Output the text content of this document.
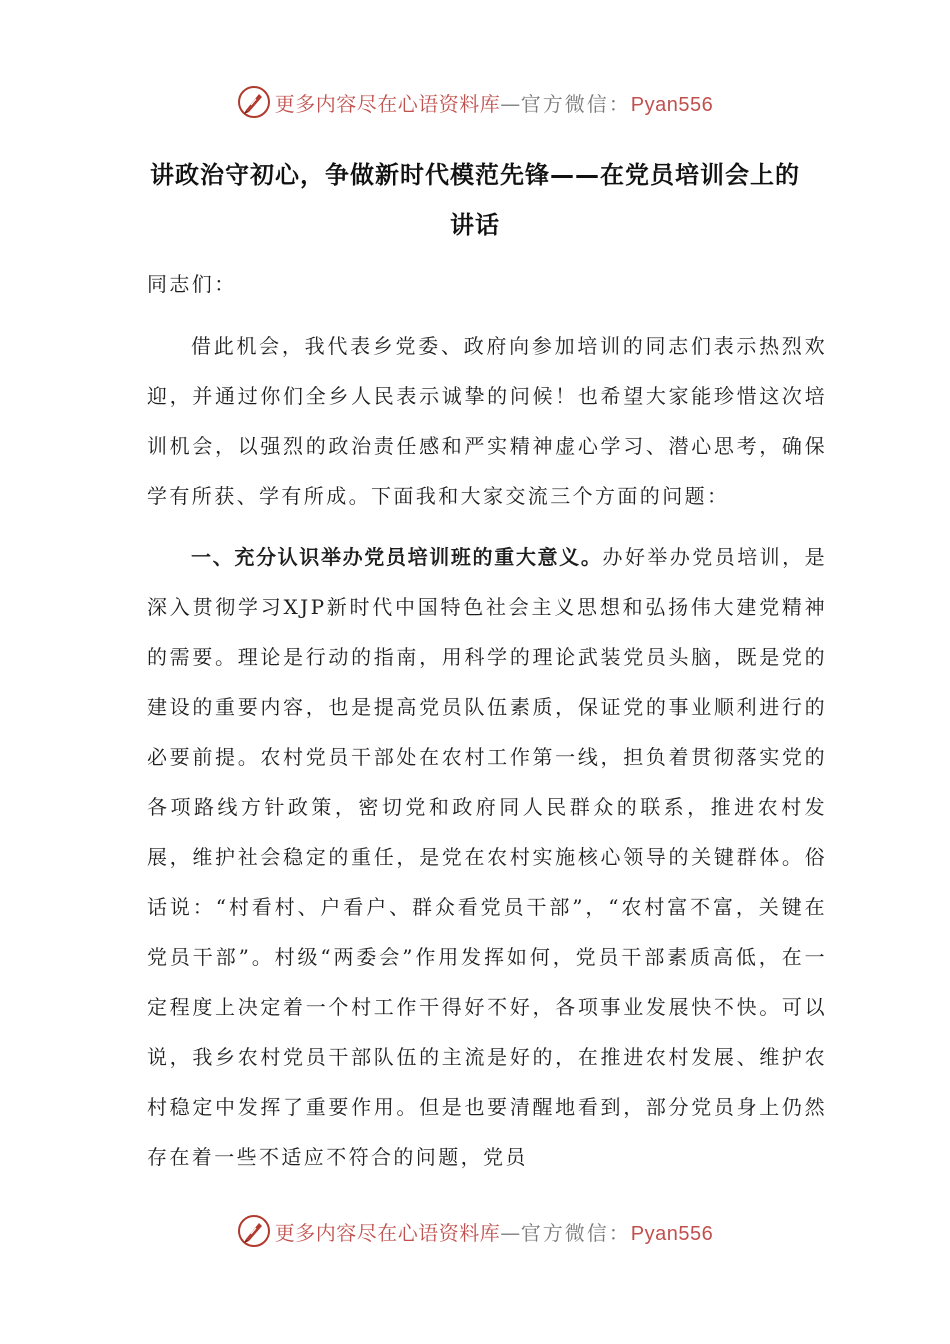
更多内容尽在心语资料库—官方微信：Pyan556
讲政治守初心，争做新时代模范先锋——在党员培训会上的讲话
同志们：
借此机会，我代表乡党委、政府向参加培训的同志们表示热烈欢迎，并通过你们全乡人民表示诚挚的问候！也希望大家能珍惜这次培训机会，以强烈的政治责任感和严实精神虚心学习、潜心思考，确保学有所获、学有所成。下面我和大家交流三个方面的问题：
一、充分认识举办党员培训班的重大意义。办好举办党员培训，是深入贯彻学习XJP新时代中国特色社会主义思想和弘扬伟大建党精神的需要。理论是行动的指南，用科学的理论武装党员头脑，既是党的建设的重要内容，也是提高党员队伍素质，保证党的事业顺利进行的必要前提。农村党员干部处在农村工作第一线，担负着贯彻落实党的各项路线方针政策，密切党和政府同人民群众的联系，推进农村发展，维护社会稳定的重任，是党在农村实施核心领导的关键群体。俗话说：“村看村、户看户、群众看党员干部”，“农村富不富，关键在党员干部”。村级“两委会”作用发挥如何，党员干部素质高低，在一定程度上决定着一个村工作干得好不好，各项事业发展快不快。可以说，我乡农村党员干部队伍的主流是好的，在推进农村发展、维护农村稳定中发挥了重要作用。但是也要清醒地看到，部分党员身上仍然存在着一些不适应不符合的问题，党员
更多内容尽在心语资料库—官方微信：Pyan556
